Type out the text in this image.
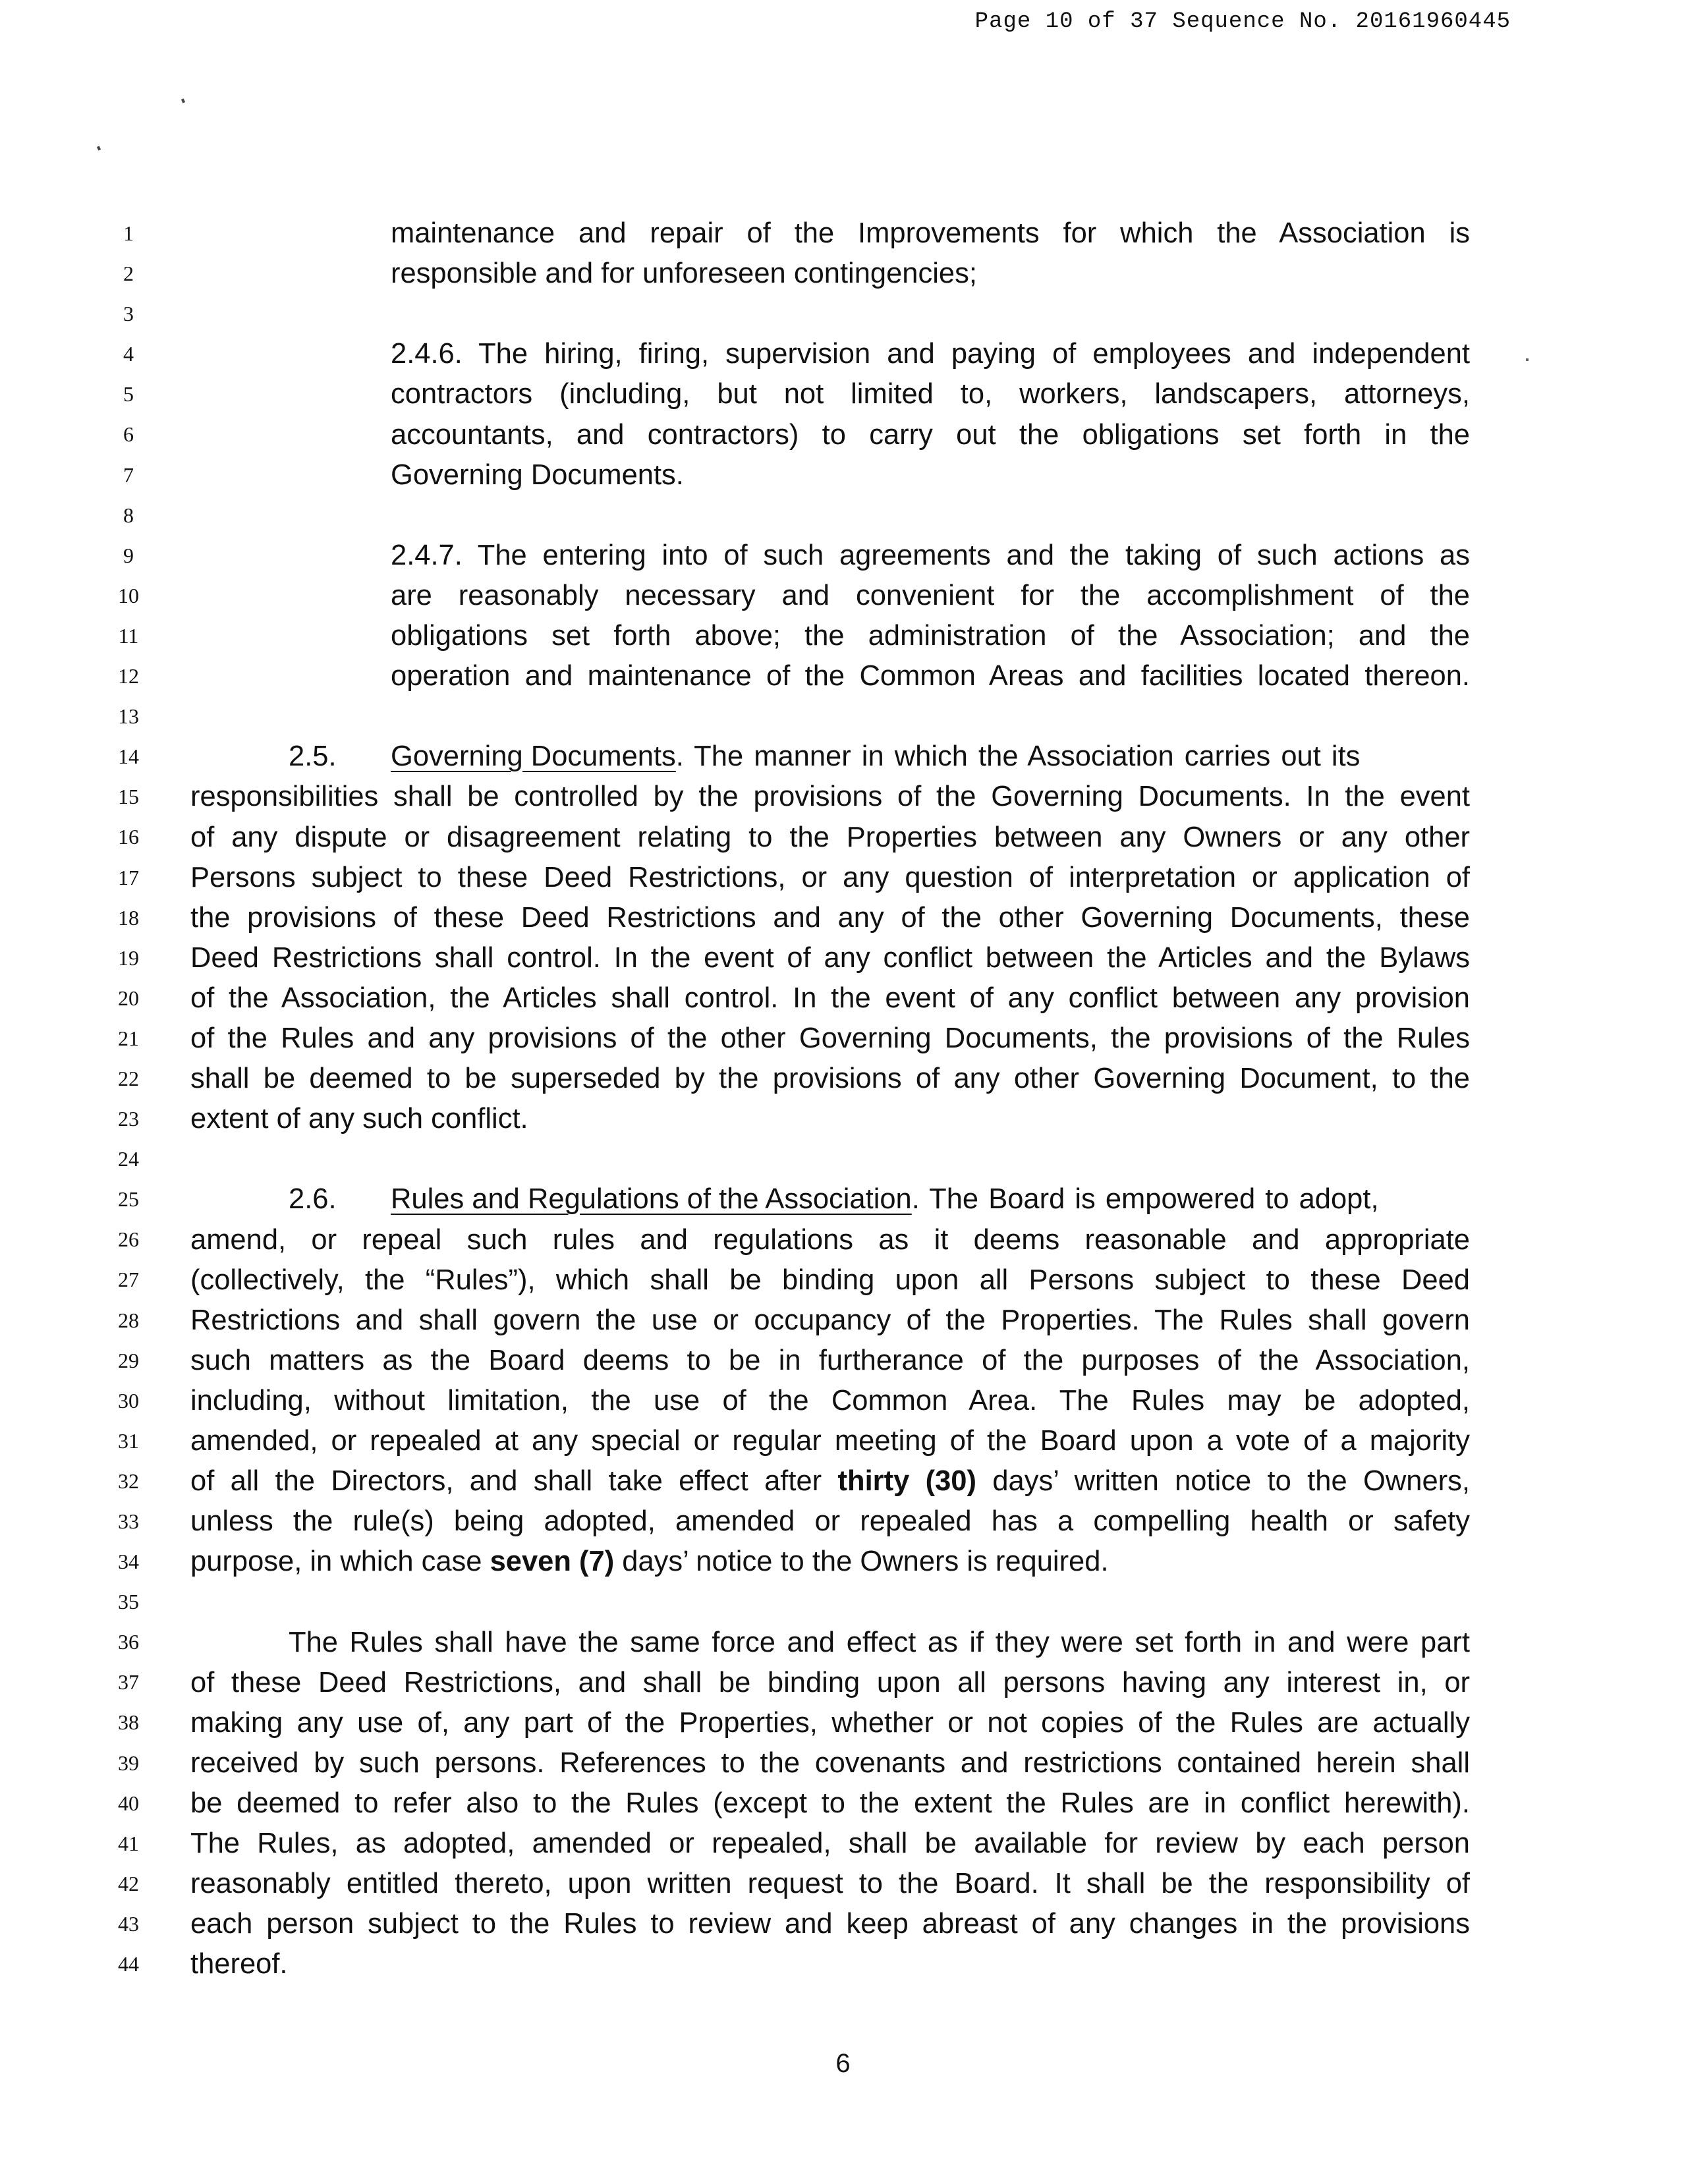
Page 10 of 37 Sequence No. 20161960445
1
2
3
4
5
6
7
8
9
10
11
12
13
14
15
16
17
18
19
20
21
22
23
24
25
26
27
28
29
30
31
32
33
34
35
36
37
38
39
40
41
42
43
44
maintenance and repair of the Improvements for which the Association is
responsible and for unforeseen contingencies;
2.4.6. The hiring, firing, supervision and paying of employees and independent
contractors (including, but not limited to, workers, landscapers, attorneys,
accountants, and contractors) to carry out the obligations set forth in the
Governing Documents.
2.4.7. The entering into of such agreements and the taking of such actions as
are reasonably necessary and convenient for the accomplishment of the
obligations set forth above; the administration of the Association; and the
operation and maintenance of the Common Areas and facilities located thereon.
2.5. Governing Documents. The manner in which the Association carries out its
responsibilities shall be controlled by the provisions of the Governing Documents. In the event
of any dispute or disagreement relating to the Properties between any Owners or any other
Persons subject to these Deed Restrictions, or any question of interpretation or application of
the provisions of these Deed Restrictions and any of the other Governing Documents, these
Deed Restrictions shall control. In the event of any conflict between the Articles and the Bylaws
of the Association, the Articles shall control. In the event of any conflict between any provision
of the Rules and any provisions of the other Governing Documents, the provisions of the Rules
shall be deemed to be superseded by the provisions of any other Governing Document, to the
extent of any such conflict.
2.6. Rules and Regulations of the Association. The Board is empowered to adopt,
amend, or repeal such rules and regulations as it deems reasonable and appropriate
(collectively, the “Rules”), which shall be binding upon all Persons subject to these Deed
Restrictions and shall govern the use or occupancy of the Properties. The Rules shall govern
such matters as the Board deems to be in furtherance of the purposes of the Association,
including, without limitation, the use of the Common Area. The Rules may be adopted,
amended, or repealed at any special or regular meeting of the Board upon a vote of a majority
of all the Directors, and shall take effect after thirty (30) days’ written notice to the Owners,
unless the rule(s) being adopted, amended or repealed has a compelling health or safety
purpose, in which case seven (7) days’ notice to the Owners is required.
The Rules shall have the same force and effect as if they were set forth in and were part
of these Deed Restrictions, and shall be binding upon all persons having any interest in, or
making any use of, any part of the Properties, whether or not copies of the Rules are actually
received by such persons. References to the covenants and restrictions contained herein shall
be deemed to refer also to the Rules (except to the extent the Rules are in conflict herewith).
The Rules, as adopted, amended or repealed, shall be available for review by each person
reasonably entitled thereto, upon written request to the Board. It shall be the responsibility of
each person subject to the Rules to review and keep abreast of any changes in the provisions
thereof.
6
